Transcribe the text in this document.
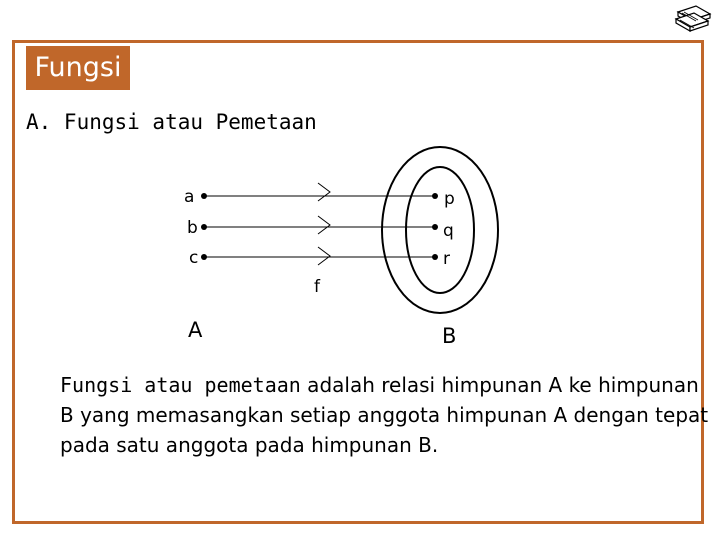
Fungsi
A. Fungsi atau Pemetaan
a
b
c
p
q
r
f
A	B
Fungsi atau pemetaan adalah relasi himpunan A ke himpunan B yang memasangkan setiap anggota himpunan A dengan tepat pada satu anggota pada himpunan B.
